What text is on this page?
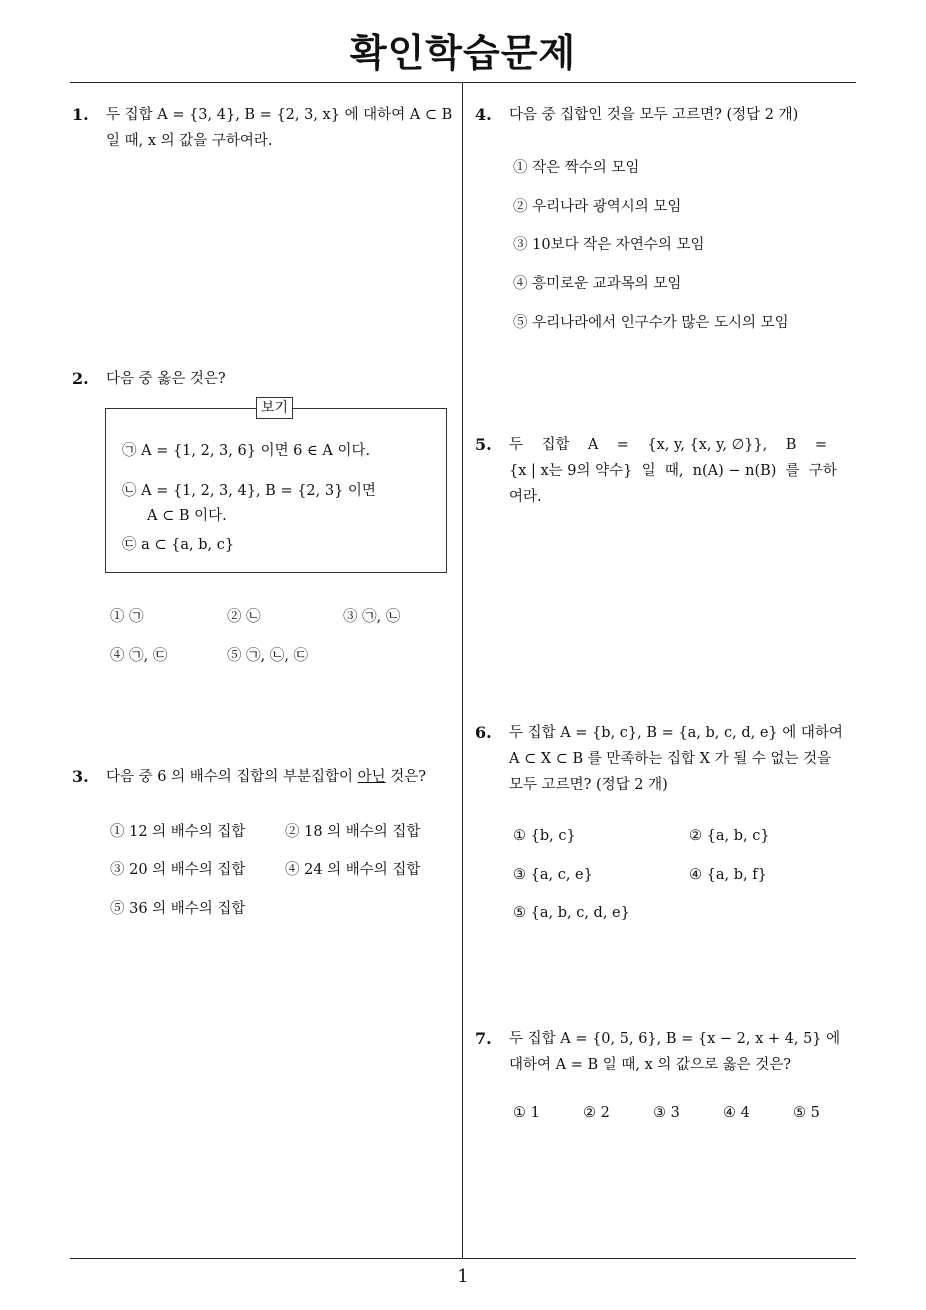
확인학습문제
1
1. 두 집합 A = {3, 4}, B = {2, 3, x} 에 대하여 A ⊂ B 일 때, x 의 값을 구하여라.
2. 다음 중 옳은 것은?
보기
㉠ A = {1, 2, 3, 6} 이면 6 ∈ A 이다.
㉡ A = {1, 2, 3, 4}, B = {2, 3} 이면
A ⊂ B 이다.
㉢ a ⊂ {a, b, c}
① ㉠	② ㉡	③ ㉠, ㉡
④ ㉠, ㉢	⑤ ㉠, ㉡, ㉢
3. 다음 중 6 의 배수의 집합의 부분집합이 아닌 것은?
① 12 의 배수의 집합	② 18 의 배수의 집합
③ 20 의 배수의 집합	④ 24 의 배수의 집합
⑤ 36 의 배수의 집합
4. 다음 중 집합인 것을 모두 고르면? (정답 2 개)
① 작은 짝수의 모임
② 우리나라 광역시의 모임
③ 10보다 작은 자연수의 모임
④ 흥미로운 교과목의 모임
⑤ 우리나라에서 인구수가 많은 도시의 모임
5. 두    집합    A    =    {x, y, {x, y, ∅}},    B    =
{x | x는 9의 약수}  일  때,  n(A) − n(B)  를  구하
여라.
6. 두 집합 A = {b, c}, B = {a, b, c, d, e} 에 대하여
A ⊂ X ⊂ B 를 만족하는 집합 X 가 될 수 없는 것을
모두 고르면? (정답 2 개)
① {b, c}	② {a, b, c}
③ {a, c, e}	④ {a, b, f}
⑤ {a, b, c, d, e}
7. 두 집합 A = {0, 5, 6}, B = {x − 2, x + 4, 5} 에
대하여 A = B 일 때, x 의 값으로 옳은 것은?
① 1	② 2	③ 3	④ 4	⑤ 5
